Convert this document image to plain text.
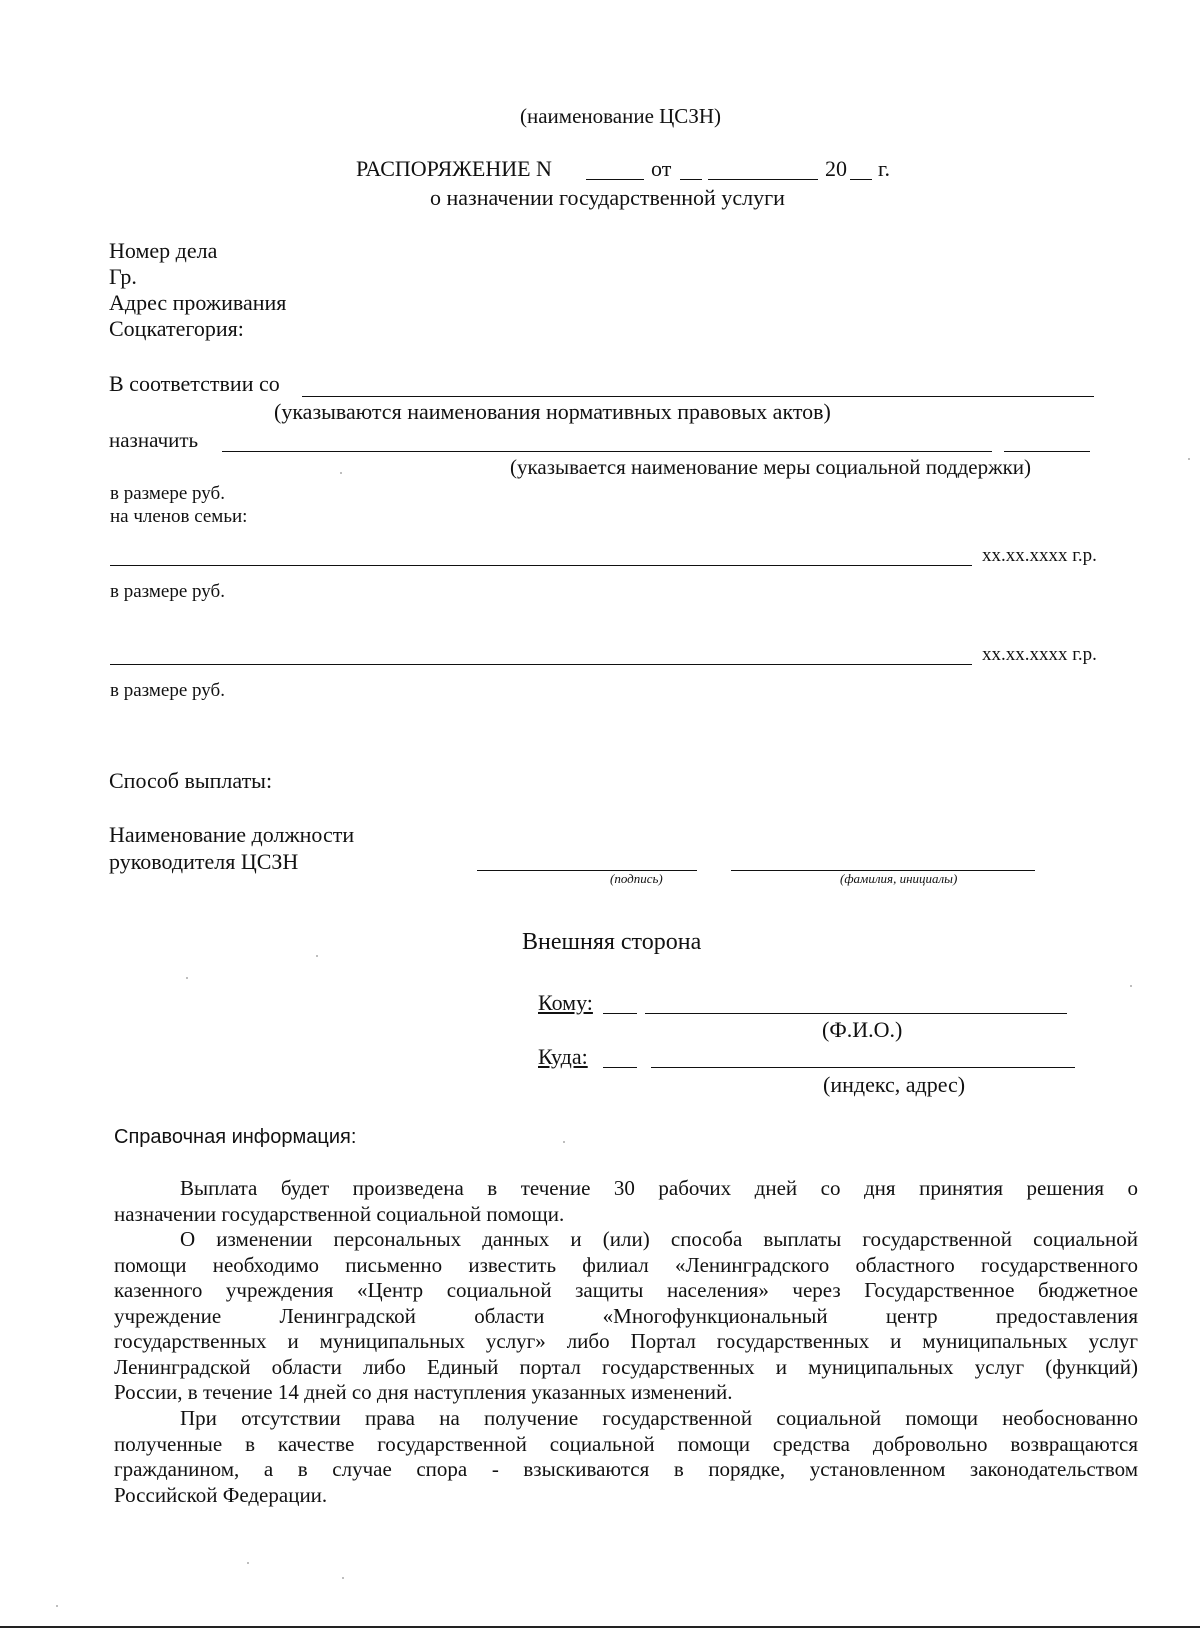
(наименование ЦСЗН)
РАСПОРЯЖЕНИЕ N	от	20 г.
о назначении государственной услуги
Номер дела
Гр.
Адрес проживания
Соцкатегория:
В соответствии со
(указываются наименования нормативных правовых актов)
назначить
(указывается наименование меры социальной поддержки)
в размере руб.
на членов семьи:
хх.хх.хххх г.р.
в размере руб.
хх.хх.хххх г.р.
в размере руб.
Способ выплаты:
Наименование должности
руководителя ЦСЗН
(подпись)	(фамилия, инициалы)
Внешняя сторона
Кому:
(Ф.И.О.)
Куда:
(индекс, адрес)
Справочная информация:
Выплата будет произведена в течение 30 рабочих дней со дня принятия решения о
назначении государственной социальной помощи.
О изменении персональных данных и (или) способа выплаты государственной социальной
помощи необходимо письменно известить филиал «Ленинградского областного государственного
казенного учреждения «Центр социальной защиты населения» через Государственное бюджетное
учреждение Ленинградской области «Многофункциональный центр предоставления
государственных и муниципальных услуг» либо Портал государственных и муниципальных услуг
Ленинградской области либо Единый портал государственных и муниципальных услуг (функций)
России, в течение 14 дней со дня наступления указанных изменений.
При отсутствии права на получение государственной социальной помощи необоснованно
полученные в качестве государственной социальной помощи средства добровольно возвращаются
гражданином, а в случае спора - взыскиваются в порядке, установленном законодательством
Российской Федерации.
